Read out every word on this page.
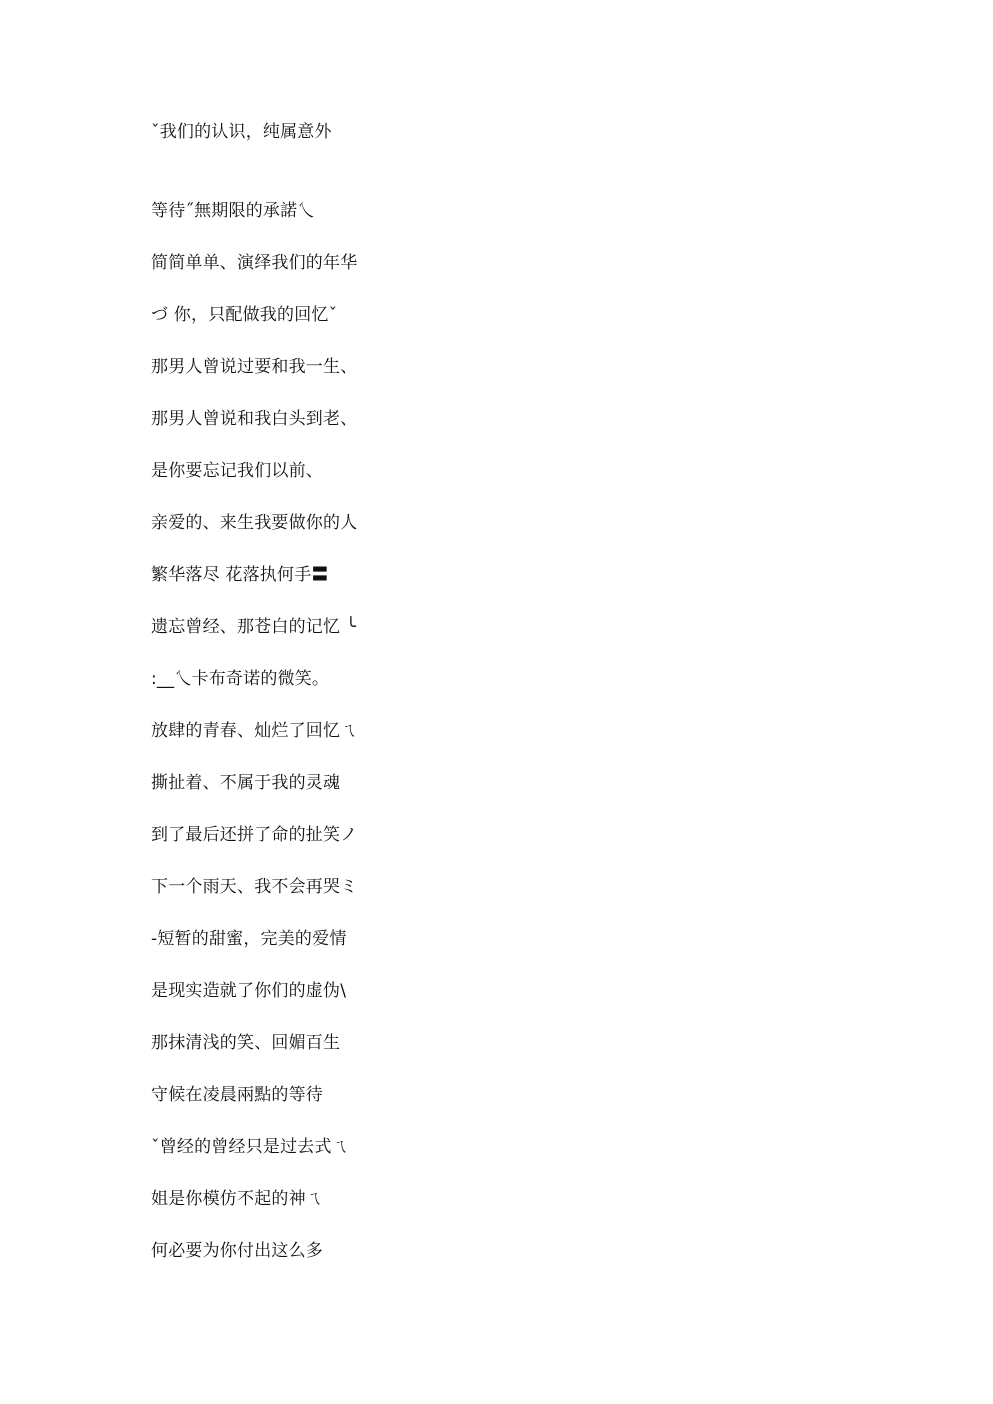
ˇ我们的认识，纯属意外
等待˝無期限的承諾乀
简简单单、演绎我们的年华
づ 你，只配做我的回忆ˇ
那男人曾说过要和我一生、
那男人曾说和我白头到老、
是你要忘记我们以前、
亲爱的、来生我要做你的人
繁华落尽 花落执何手〓
遗忘曾经、那苍白的记忆 ╰
:__乀卡布奇诺的微笑。
放肆的青春、灿烂了回忆ㄟ
撕扯着、不属于我的灵魂
到了最后还拼了命的扯笑ノ
下一个雨天、我不会再哭ミ
-短暂的甜蜜，完美的爱情
是现实造就了你们的虚伪\
那抹清浅的笑、回媚百生
守候在凌晨兩點的等待
ˇ曾经的曾经只是过去式ㄟ
姐是你模仿不起的神ㄟ
何必要为你付出这么多
